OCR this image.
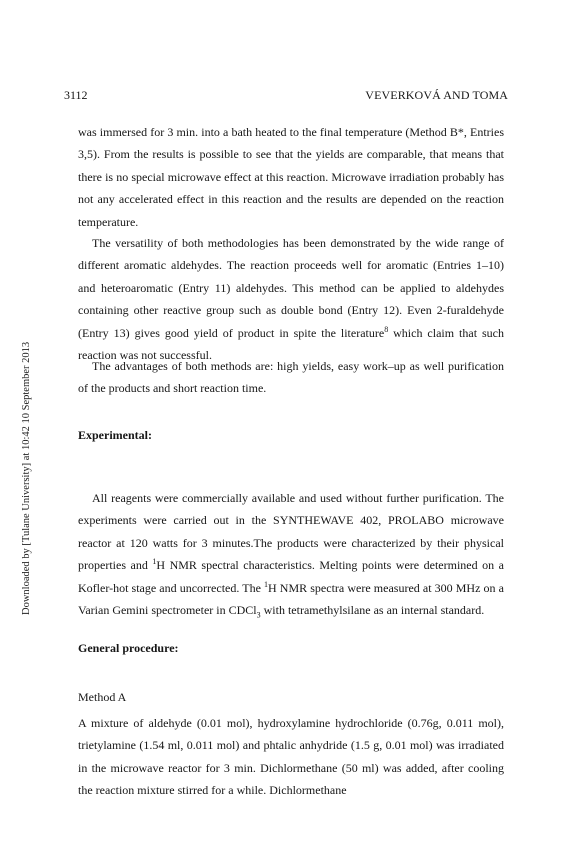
3112	VEVERKOVÁ AND TOMA
Downloaded by [Tulane University] at 10:42 10 September 2013

was immersed for 3 min. into a bath heated to the final temperature (Method B*, Entries 3,5). From the results is possible to see that the yields are comparable, that means that there is no special microwave effect at this reaction. Microwave irradiation probably has not any accelerated effect in this reaction and the results are depended on the reaction temperature.

The versatility of both methodologies has been demonstrated by the wide range of different aromatic aldehydes. The reaction proceeds well for aromatic (Entries 1–10) and heteroaromatic (Entry 11) aldehydes. This method can be applied to aldehydes containing other reactive group such as double bond (Entry 12). Even 2-furaldehyde (Entry 13) gives good yield of product in spite the literature$^8$ which claim that such reaction was not successful.

The advantages of both methods are: high yields, easy work–up as well purification of the products and short reaction time.

Experimental:

All reagents were commercially available and used without further purification. The experiments were carried out in the SYNTHEWAVE 402, PROLABO microwave reactor at 120 watts for 3 minutes.The products were characterized by their physical properties and $^1$H NMR spectral characteristics. Melting points were determined on a Kofler-hot stage and uncorrected. The $^1$H NMR spectra were measured at 300 MHz on a Varian Gemini spectrometer in CDCl$_3$ with tetramethylsilane as an internal standard.

General procedure:
Method A

A mixture of aldehyde (0.01 mol), hydroxylamine hydrochloride (0.76g, 0.011 mol), trietylamine (1.54 ml, 0.011 mol) and phtalic anhydride (1.5 g, 0.01 mol) was irradiated in the microwave reactor for 3 min. Dichlormethane (50 ml) was added, after cooling the reaction mixture stirred for a while. Dichlormethane
